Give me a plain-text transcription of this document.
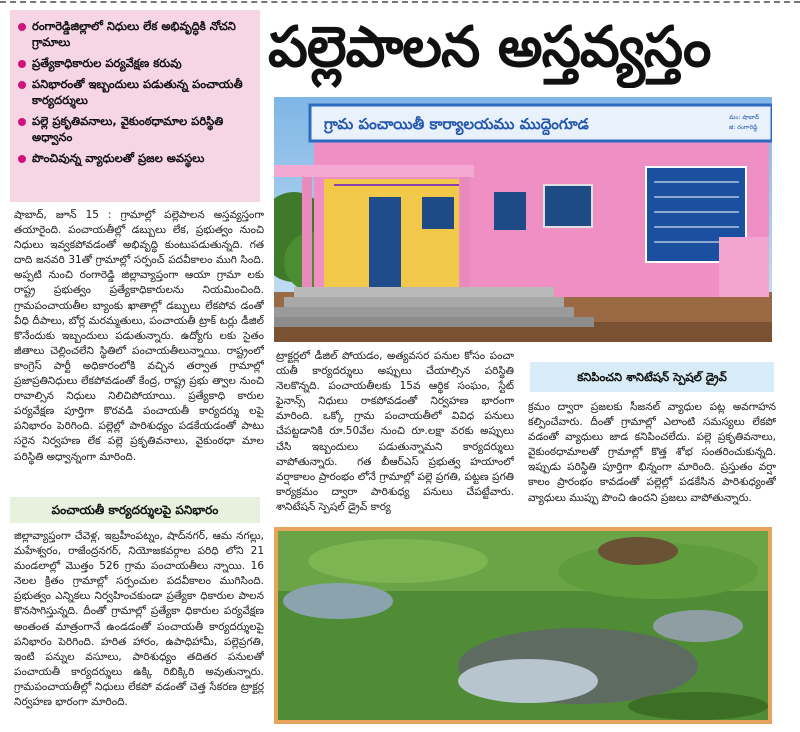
రంగారెడ్డిజిల్లాలో నిధులు లేక అభివృద్ధికి నోచని గ్రామాలు
ప్రత్యేకాధికారుల పర్యవేక్షణ కరువు
పనిభారంతో ఇబ్బందులు పడుతున్న పంచాయతీ కార్యదర్శులు
పల్లె ప్రకృతివనాలు, వైకుంఠధామాల పరిస్థితి అధ్వానం
పొంచివున్న వ్యాధులతో ప్రజల అవస్థలు
పల్లెపాలన అస్తవ్యస్తం
గ్రామ పంచాయితీ కార్యాలయము ముద్దెంగూడ	మం: షాబాద్
జి: రంగారెడ్డి
షాబాద్, జూన్ 15 : గ్రామాల్లో పల్లెపాలన అస్తవ్యస్తంగా తయారైంది. పంచాయతీల్లో డబ్బులు లేక, ప్రభుత్వం నుంచి నిధులు ఇవ్వకపోవడంతో అభివృద్ధి కుంటుపడుతున్నది. గత దాది జనవరి 31తో గ్రామాల్లో సర్పంచ్ పదవీకాలం ముగి సింది. అప్పటి నుంచి రంగారెడ్డి జిల్లావ్యాప్తంగా ఆయా గ్రామా లకు రాష్ట్ర ప్రభుత్వం ప్రత్యేకాధికారులను నియమించింది. గ్రామపంచాయతీల బ్యాంకు ఖాతాల్లో డబ్బులు లేకపోవ డంతో వీధి దీపాలు, బోర్ల మరమ్మతులు, పంచాయతీ ట్రాక్ టర్లు డీజిల్ కొనేందుకు ఇబ్బందులు పడుతున్నారు. ఉద్యోగు లకు సైతం జీతాలు చెల్లించలేని స్థితిలో పంచాయతీలున్నాయి. రాష్ట్రంలో కాంగ్రెస్ పార్టీ అధికారంలోకి వచ్చిన తర్వాత గ్రామాల్లో ప్రజాప్రతినిధులు లేకపోవడంతో కేంద్ర, రాష్ట్ర ప్రభు త్వాల నుంచి రావాల్సిన నిధులు నిలిచిపోయాయి. ప్రత్యేకాధి కారుల పర్యవేక్షణ పూర్తిగా కొరవడి పంచాయతీ కార్యదర్శు లపై పనిభారం పెరిగింది. పల్లెల్లో పారిశుధ్యం పడకేయడంతో పాటు సరైన నిర్వహణ లేక పల్లె ప్రకృతివనాలు, వైకుంఠధా మాల పరిస్థితి అధ్వాన్నంగా మారింది.
పంచాయతీ కార్యదర్శులపై పనిభారం
జిల్లావ్యాప్తంగా చేవెళ్ల, ఇబ్రహీంపట్నం, షాద్‌నగర్, ఆమ నగల్లు, మహేశ్వరం, రాజేంద్రనగర్, నియోజకవర్గాల పరిధి లోని 21 మండలాల్లో మొత్తం 526 గ్రామ పంచాయతీలు న్నాయి. 16 నెలల క్రితం గ్రామాల్లో సర్పంచుల పదవీకాలం ముగిసింది. ప్రభుత్వం ఎన్నికలు నిర్వహించకుండా ప్రత్యేకా ధికారుల పాలన కొనసాగిస్తున్నది. దీంతో గ్రామాల్లో ప్రత్యేకా ధికారుల పర్యవేక్షణ అంతంత మాత్రంగానే ఉండడంతో పంచాయతీ కార్యదర్శులపై పనిభారం పెరిగింది. హరిత హారం, ఉపాధిహామీ, పల్లెప్రగతి, ఇంటి పన్నుల వసూలు, పారిశుధ్యం తదితర పనులతో పంచాయతీ కార్యదర్శులు ఉక్కి రిబిక్కిరి అవుతున్నారు. గ్రామపంచాయతీల్లో నిధులు లేకపో వడంతో చెత్త సేకరణ ట్రాక్టర్ల నిర్వహణ భారంగా మారింది.
ట్రాక్టర్లలో డీజిల్ పోయడం, అత్యవసర పనుల కోసం పంచా యతీ కార్యదర్శులు అప్పులు చేయాల్సిన పరిస్థితి నెలకొన్నది. పంచాయతీలకు 15వ ఆర్థిక సంఘం, స్టేట్ ఫైనాన్స్ నిధులు రాకపోవడంతో నిర్వహణ భారంగా మారింది. ఒక్కో గ్రామ పంచాయతీలో వివిధ పనులు చేపట్టడానికి రూ.50వేల నుంచి రూ.లక్షా వరకు అప్పులు చేసి ఇబ్బందులు పడుతున్నామని కార్యదర్శులు వాపోతున్నారు.  గత బీఆర్ఎస్ ప్రభుత్వ హయాంలో వర్షాకాలం ప్రారంభం లోనే గ్రామాల్లో పల్లె ప్రగతి, పట్టణ ప్రగతి కార్యక్రమం ద్వారా పారిశుధ్య పనులు చేపట్టేవారు. శానిటేషన్ స్పెషల్ డ్రైవ్ కార్య
కనిపించని శానిటేషన్ స్పెషల్ డ్రైవ్
క్రమం ద్వారా ప్రజలకు సీజనల్ వ్యాధుల పట్ల అవగాహన కల్పించేవారు. దీంతో గ్రామాల్లో ఎలాంటి సమస్యలు లేకపో వడంతో వ్యాధులు జాడ కనిపించలేదు. పల్లె ప్రకృతివనాలు, వైకుంఠధామాలతో గ్రామాల్లో కొత్త శోభ సంతరించుకున్నది. ఇప్పుడు పరిస్థితి పూర్తిగా భిన్నంగా మారింది. ప్రస్తుతం వర్షా కాలం ప్రారంభం కావడంతో పల్లెల్లో పడకేసిన పారిశుధ్యంతో వ్యాధులు ముప్పు పొంచి ఉందని ప్రజలు వాపోతున్నారు.
